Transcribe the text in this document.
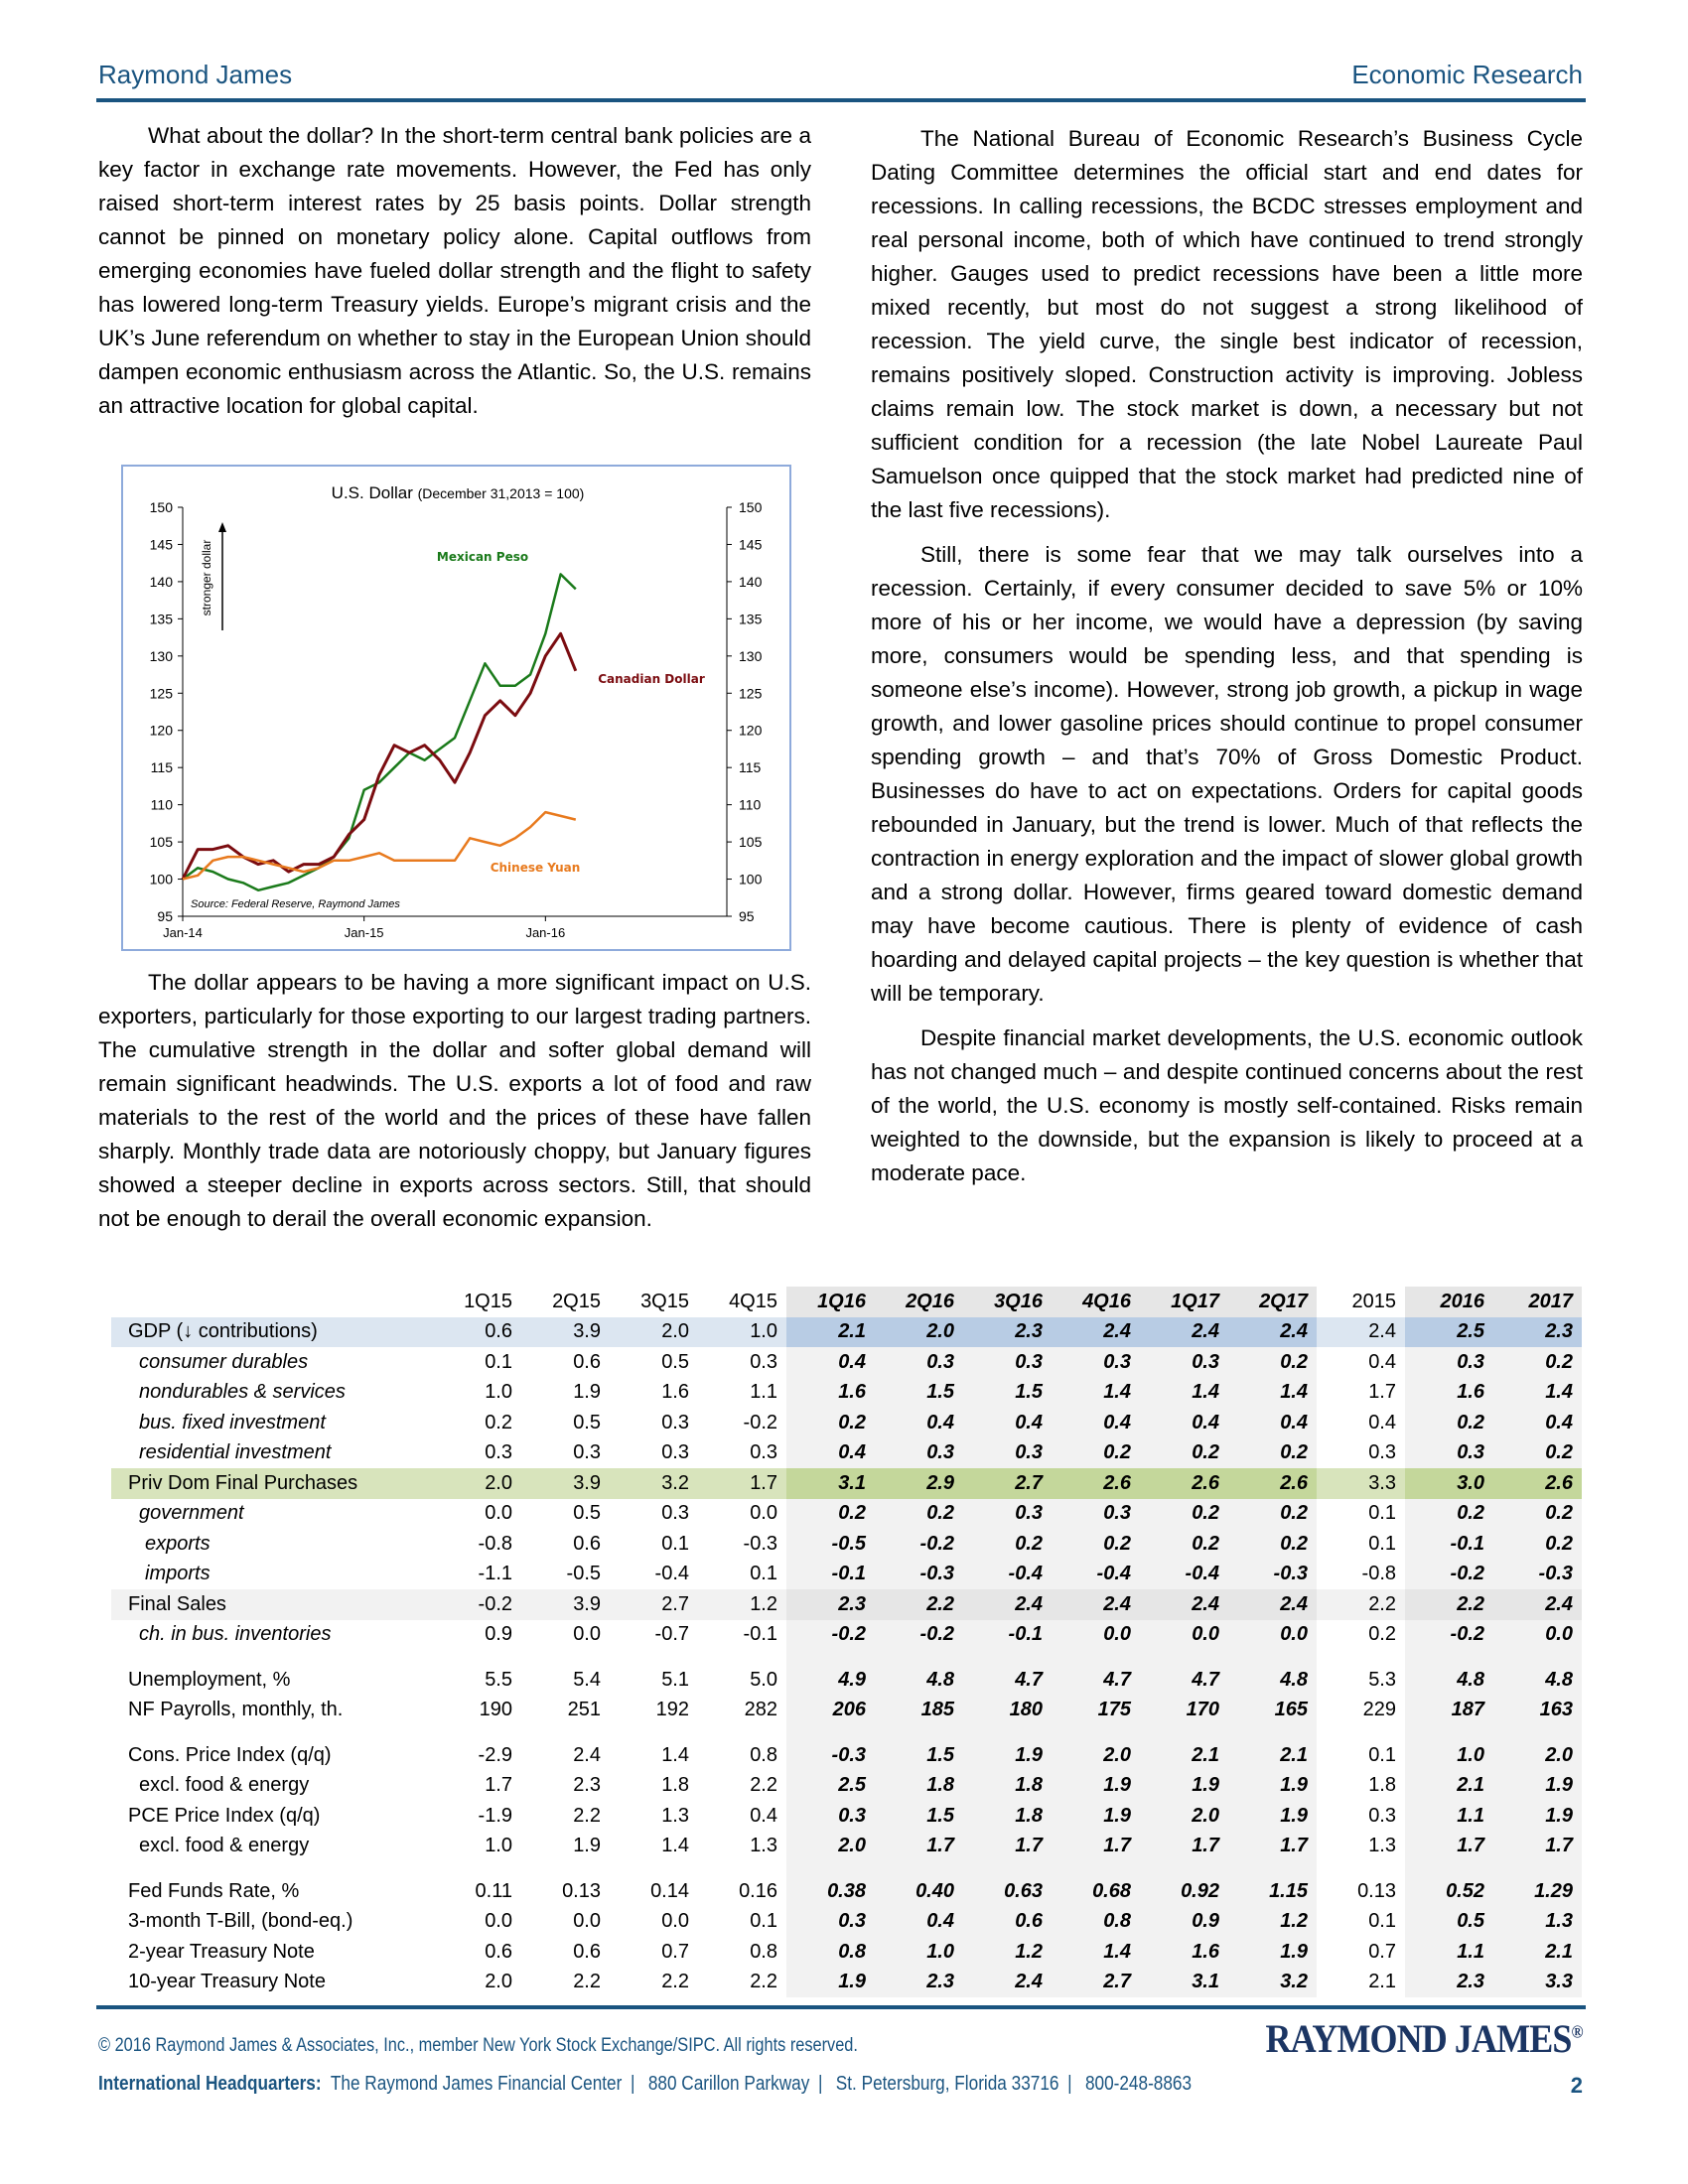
Raymond James	Economic Research

What about the dollar? In the short-term central bank policies are a key factor in exchange rate movements. However, the Fed has only raised short-term interest rates by 25 basis points. Dollar strength cannot be pinned on monetary policy alone. Capital outflows from emerging economies have fueled dollar strength and the flight to safety has lowered long-term Treasury yields. Europe’s migrant crisis and the UK’s June referendum on whether to stay in the European Union should dampen economic enthusiasm across the Atlantic. So, the U.S. remains an attractive location for global capital.

U.S. Dollar (December 31,2013 = 100)
150	150
145	145
140	140
135	135
130	130
125	125
120	120
115	115
110	110
105	105
100	100
95	95
Jan-14	Jan-15	Jan-16
Mexican Peso
Canadian Dollar
Chinese Yuan
Source: Federal Reserve, Raymond James
stronger dollar

The dollar appears to be having a more significant impact on U.S. exporters, particularly for those exporting to our largest trading partners. The cumulative strength in the dollar and softer global demand will remain significant headwinds. The U.S. exports a lot of food and raw materials to the rest of the world and the prices of these have fallen sharply. Monthly trade data are notoriously choppy, but January figures showed a steeper decline in exports across sectors. Still, that should not be enough to derail the overall economic expansion.

The National Bureau of Economic Research’s Business Cycle Dating Committee determines the official start and end dates for recessions. In calling recessions, the BCDC stresses employment and real personal income, both of which have continued to trend strongly higher. Gauges used to predict recessions have been a little more mixed recently, but most do not suggest a strong likelihood of recession. The yield curve, the single best indicator of recession, remains positively sloped. Construction activity is improving. Jobless claims remain low. The stock market is down, a necessary but not sufficient condition for a recession (the late Nobel Laureate Paul Samuelson once quipped that the stock market had predicted nine of the last five recessions).

Still, there is some fear that we may talk ourselves into a recession. Certainly, if every consumer decided to save 5% or 10% more of his or her income, we would have a depression (by saving more, consumers would be spending less, and that spending is someone else’s income). However, strong job growth, a pickup in wage growth, and lower gasoline prices should continue to propel consumer spending growth – and that’s 70% of Gross Domestic Product. Businesses do have to act on expectations. Orders for capital goods rebounded in January, but the trend is lower. Much of that reflects the contraction in energy exploration and the impact of slower global growth and a strong dollar. However, firms geared toward domestic demand may have become cautious. There is plenty of evidence of cash hoarding and delayed capital projects – the key question is whether that will be temporary.

Despite financial market developments, the U.S. economic outlook has not changed much – and despite continued concerns about the rest of the world, the U.S. economy is mostly self-contained. Risks remain weighted to the downside, but the expansion is likely to proceed at a moderate pace.

	1Q15	2Q15	3Q15	4Q15	1Q16	2Q16	3Q16	4Q16	1Q17	2Q17	2015	2016	2017
GDP (↓ contributions)	0.6	3.9	2.0	1.0	2.1	2.0	2.3	2.4	2.4	2.4	2.4	2.5	2.3
consumer durables	0.1	0.6	0.5	0.3	0.4	0.3	0.3	0.3	0.3	0.2	0.4	0.3	0.2
nondurables & services	1.0	1.9	1.6	1.1	1.6	1.5	1.5	1.4	1.4	1.4	1.7	1.6	1.4
bus. fixed investment	0.2	0.5	0.3	-0.2	0.2	0.4	0.4	0.4	0.4	0.4	0.4	0.2	0.4
residential investment	0.3	0.3	0.3	0.3	0.4	0.3	0.3	0.2	0.2	0.2	0.3	0.3	0.2
Priv Dom Final Purchases	2.0	3.9	3.2	1.7	3.1	2.9	2.7	2.6	2.6	2.6	3.3	3.0	2.6
government	0.0	0.5	0.3	0.0	0.2	0.2	0.3	0.3	0.2	0.2	0.1	0.2	0.2
exports	-0.8	0.6	0.1	-0.3	-0.5	-0.2	0.2	0.2	0.2	0.2	0.1	-0.1	0.2
imports	-1.1	-0.5	-0.4	0.1	-0.1	-0.3	-0.4	-0.4	-0.4	-0.3	-0.8	-0.2	-0.3
Final Sales	-0.2	3.9	2.7	1.2	2.3	2.2	2.4	2.4	2.4	2.4	2.2	2.2	2.4
ch. in bus. inventories	0.9	0.0	-0.7	-0.1	-0.2	-0.2	-0.1	0.0	0.0	0.0	0.2	-0.2	0.0

Unemployment, %	5.5	5.4	5.1	5.0	4.9	4.8	4.7	4.7	4.7	4.8	5.3	4.8	4.8
NF Payrolls, monthly, th.	190	251	192	282	206	185	180	175	170	165	229	187	163

Cons. Price Index (q/q)	-2.9	2.4	1.4	0.8	-0.3	1.5	1.9	2.0	2.1	2.1	0.1	1.0	2.0
excl. food & energy	1.7	2.3	1.8	2.2	2.5	1.8	1.8	1.9	1.9	1.9	1.8	2.1	1.9
PCE Price Index (q/q)	-1.9	2.2	1.3	0.4	0.3	1.5	1.8	1.9	2.0	1.9	0.3	1.1	1.9
excl. food & energy	1.0	1.9	1.4	1.3	2.0	1.7	1.7	1.7	1.7	1.7	1.3	1.7	1.7

Fed Funds Rate, %	0.11	0.13	0.14	0.16	0.38	0.40	0.63	0.68	0.92	1.15	0.13	0.52	1.29
3-month T-Bill, (bond-eq.)	0.0	0.0	0.0	0.1	0.3	0.4	0.6	0.8	0.9	1.2	0.1	0.5	1.3
2-year Treasury Note	0.6	0.6	0.7	0.8	0.8	1.0	1.2	1.4	1.6	1.9	0.7	1.1	2.1
10-year Treasury Note	2.0	2.2	2.2	2.2	1.9	2.3	2.4	2.7	3.1	3.2	2.1	2.3	3.3
© 2016 Raymond James & Associates, Inc., member New York Stock Exchange/SIPC. All rights reserved.	RAYMOND JAMES®
International Headquarters: The Raymond James Financial Center | 880 Carillon Parkway | St. Petersburg, Florida 33716 | 800-248-8863	2
